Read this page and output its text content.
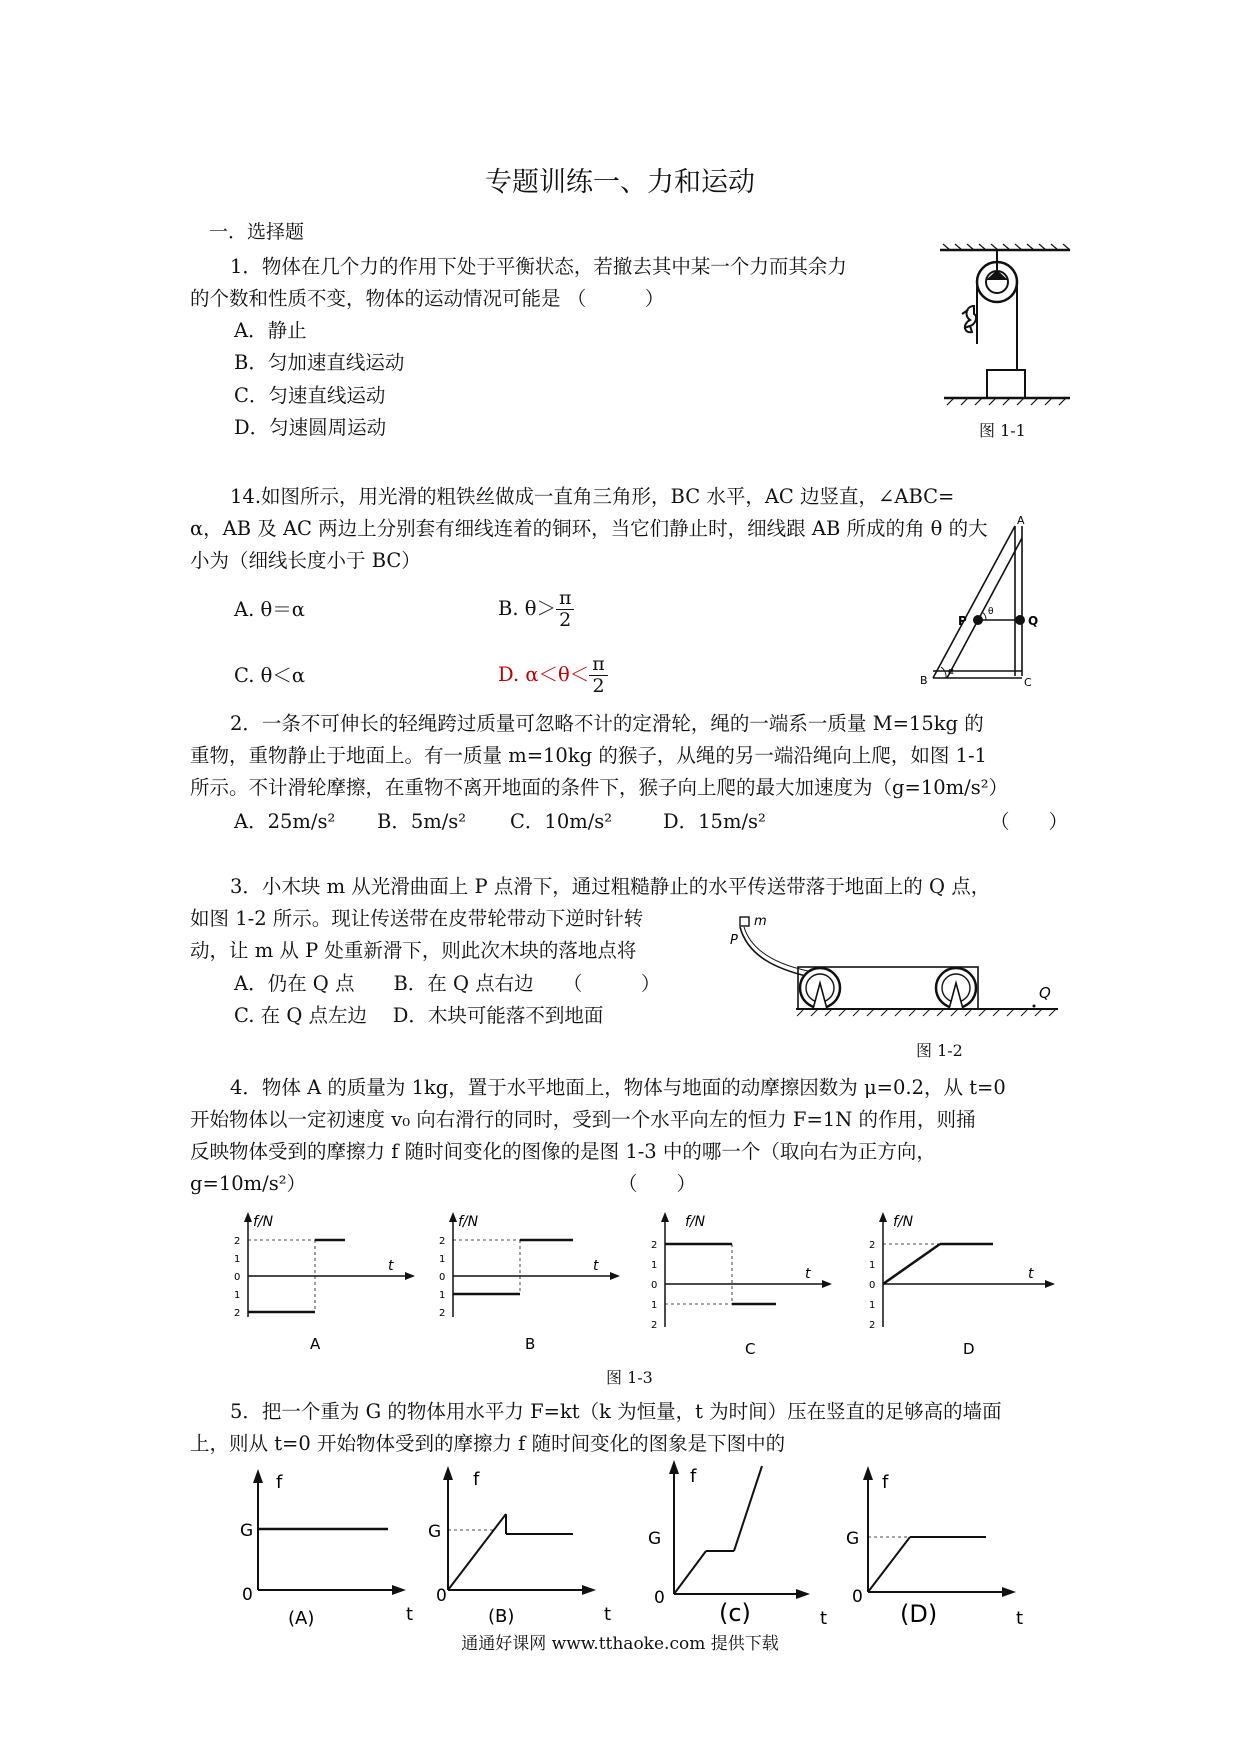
专题训练一、力和运动
一．选择题
1．物体在几个力的作用下处于平衡状态，若撤去其中某一个力而其余力
的个数和性质不变，物体的运动情况可能是 （　　　）
A．静止
B．匀加速直线运动
C．匀速直线运动
D．匀速圆周运动	图 1-1
14.如图所示，用光滑的粗铁丝做成一直角三角形，BC 水平，AC 边竖直，∠ABC=
α，AB 及 AC 两边上分别套有细线连着的铜环，当它们静止时，细线跟 AB 所成的角 θ 的大
小为（细线长度小于 BC）
A. θ＝α	B. $\theta> \frac{\pi}{2}$
C. θ＜α	D. $\alpha<\theta< \frac{\pi}{2}$
A
P	Q
B	C
θ
α
2．一条不可伸长的轻绳跨过质量可忽略不计的定滑轮，绳的一端系一质量 M=15kg 的
重物，重物静止于地面上。有一质量 m=10kg 的猴子，从绳的另一端沿绳向上爬，如图 1-1
所示。不计滑轮摩擦，在重物不离开地面的条件下，猴子向上爬的最大加速度为（g=10m/s²）
A．25m/s² B．5m/s² C．10m/s²	D．15m/s²	（　　）
3．小木块 m 从光滑曲面上 P 点滑下，通过粗糙静止的水平传送带落于地面上的 Q 点，
如图 1-2 所示。现让传送带在皮带轮带动下逆时针转
动，让 m 从 P 处重新滑下，则此次木块的落地点将
A．仍在 Q 点　　B．在 Q 点右边　　（　　　）
C. 在 Q 点左边　 D．木块可能落不到地面
m
P
Q
图 1-2
4．物体 A 的质量为 1kg，置于水平地面上，物体与地面的动摩擦因数为 μ=0.2，从 t=0
开始物体以一定初速度 v₀ 向右滑行的同时，受到一个水平向左的恒力 F=1N 的作用，则捅
反映物体受到的摩擦力 f 随时间变化的图像的是图 1-3 中的哪一个（取向右为正方向，
g=10m/s²）　　　　　　　　　　　　　　　　　（　　）
f/N
t
2
1
0
1
2
A
f/N
t
2
1
0
1
2
B
f/N
t
2
1
0
1
2
C
f/N
t
2
1
0
1
2
D
图 1-3
5．把一个重为 G 的物体用水平力 F=kt（k 为恒量，t 为时间）压在竖直的足够高的墙面
上，则从 t=0 开始物体受到的摩擦力 f 随时间变化的图象是下图中的
f
t
G
0
(A)
f
t
G
0
(B)
f
t
G
0
(c)
f
t
G
0
(D)
通通好课网 www.tthaoke.com 提供下载
